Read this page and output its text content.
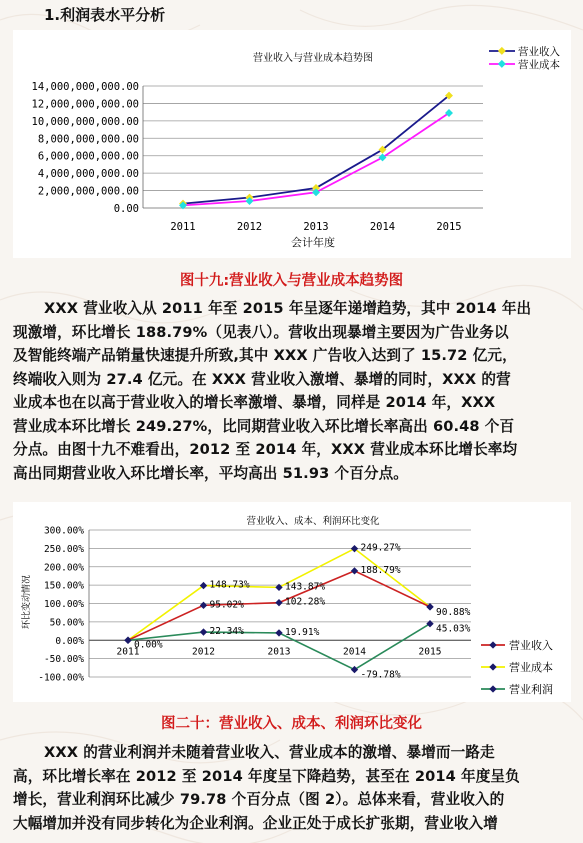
1.利润表水平分析
营业收入与营业成本趋势图
0.00
2,000,000,000.00
4,000,000,000.00
6,000,000,000.00
8,000,000,000.00
10,000,000,000.00
12,000,000,000.00
14,000,000,000.00
2011	2012	2013	2014	2015
会计年度
营业收入
营业成本
图十九:营业收入与营业成本趋势图
XXX 营业收入从 2011 年至 2015 年呈逐年递增趋势，其中 2014 年出
现激增，环比增长 188.79%（见表八）。营收出现暴增主要因为广告业务以
及智能终端产品销量快速提升所致,其中 XXX 广告收入达到了 15.72 亿元，
终端收入则为 27.4 亿元。在 XXX 营业收入激增、暴增的同时，XXX 的营
业成本也在以高于营业收入的增长率激增、暴增，同样是 2014 年，XXX
营业成本环比增长 249.27%，比同期营业收入环比增长率高出 60.48 个百
分点。由图十九不难看出，2012 至 2014 年，XXX 营业成本环比增长率均
高出同期营业收入环比增长率，平均高出 51.93 个百分点。
营业收入、成本、利润环比变化
-100.00%
-50.00%
0.00%
50.00%
100.00%
150.00%
200.00%
250.00%
300.00%
环比变动情况
2011	2012	2013	2014	2015
0.00%
95.02%	102.28%
188.79%
90.88%
营业收入
148.73%	143.87%
249.27%
营业成本
22.34%	19.91%
-79.78%
45.03%
营业利润
图二十：营业收入、成本、利润环比变化
XXX 的营业利润并未随着营业收入、营业成本的激增、暴增而一路走
高，环比增长率在 2012 至 2014 年度呈下降趋势，甚至在 2014 年度呈负
增长，营业利润环比减少 79.78 个百分点（图 2）。总体来看，营业收入的
大幅增加并没有同步转化为企业利润。企业正处于成长扩张期，营业收入增
